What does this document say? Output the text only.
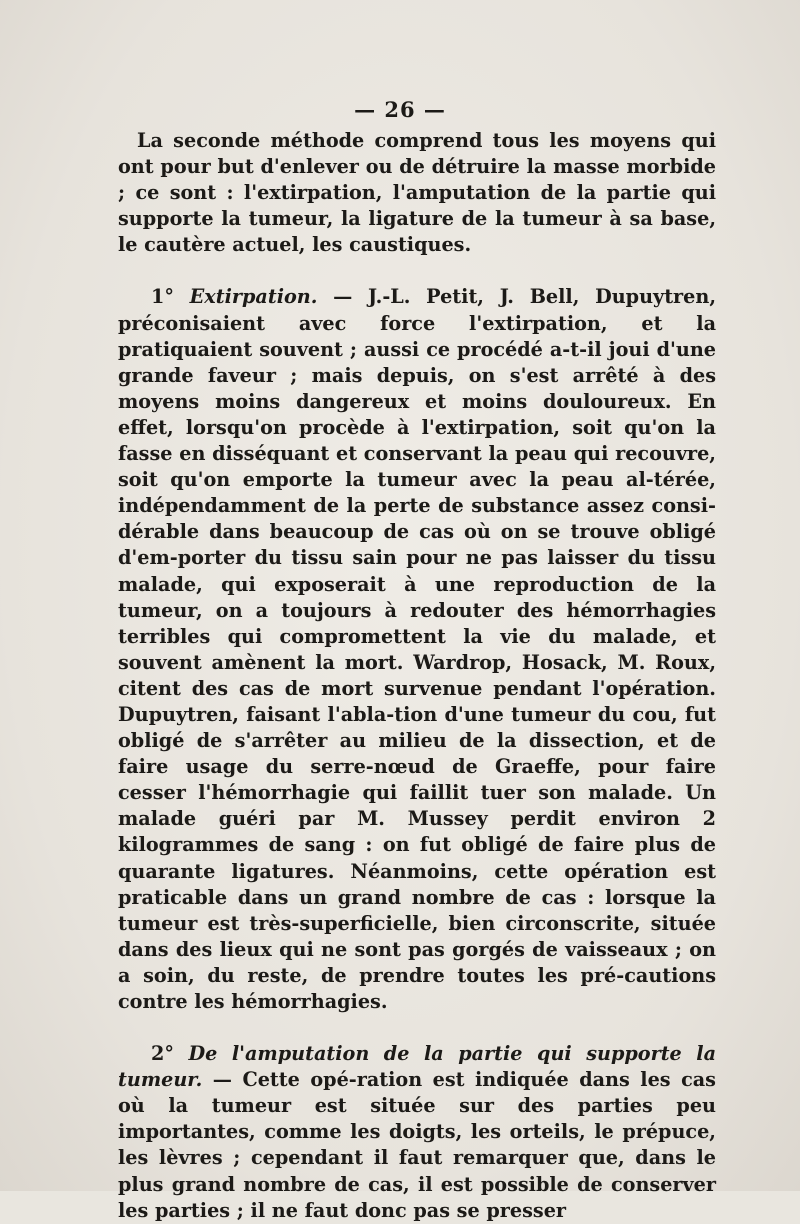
— 26 —

La seconde méthode comprend tous les moyens qui ont pour but d'enlever ou de détruire la masse morbide ; ce sont : l'extirpation, l'amputation de la partie qui supporte la tumeur, la ligature de la tumeur à sa base, le cautère actuel, les caustiques.

1° Extirpation. — J.-L. Petit, J. Bell, Dupuytren, préconisaient avec force l'extirpation, et la pratiquaient souvent ; aussi ce procédé a-t-il joui d'une grande faveur ; mais depuis, on s'est arrêté à des moyens moins dangereux et moins douloureux. En effet, lorsqu'on procède à l'extirpation, soit qu'on la fasse en disséquant et conservant la peau qui recouvre, soit qu'on emporte la tumeur avec la peau al-térée, indépendamment de la perte de substance assez consi-dérable dans beaucoup de cas où on se trouve obligé d'em-porter du tissu sain pour ne pas laisser du tissu malade, qui exposerait à une reproduction de la tumeur, on a toujours à redouter des hémorrhagies terribles qui compromettent la vie du malade, et souvent amènent la mort. Wardrop, Hosack, M. Roux, citent des cas de mort survenue pendant l'opération. Dupuytren, faisant l'abla-tion d'une tumeur du cou, fut obligé de s'arrêter au milieu de la dissection, et de faire usage du serre-nœud de Graeffe, pour faire cesser l'hémorrhagie qui faillit tuer son malade. Un malade guéri par M. Mussey perdit environ 2 kilogrammes de sang : on fut obligé de faire plus de quarante ligatures. Néanmoins, cette opération est praticable dans un grand nombre de cas : lorsque la tumeur est très-superficielle, bien circonscrite, située dans des lieux qui ne sont pas gorgés de vaisseaux ; on a soin, du reste, de prendre toutes les pré-cautions contre les hémorrhagies.

2° De l'amputation de la partie qui supporte la tumeur. — Cette opé-ration est indiquée dans les cas où la tumeur est située sur des parties peu importantes, comme les doigts, les orteils, le prépuce, les lèvres ; cependant il faut remarquer que, dans le plus grand nombre de cas, il est possible de conserver les parties ; il ne faut donc pas se presser
